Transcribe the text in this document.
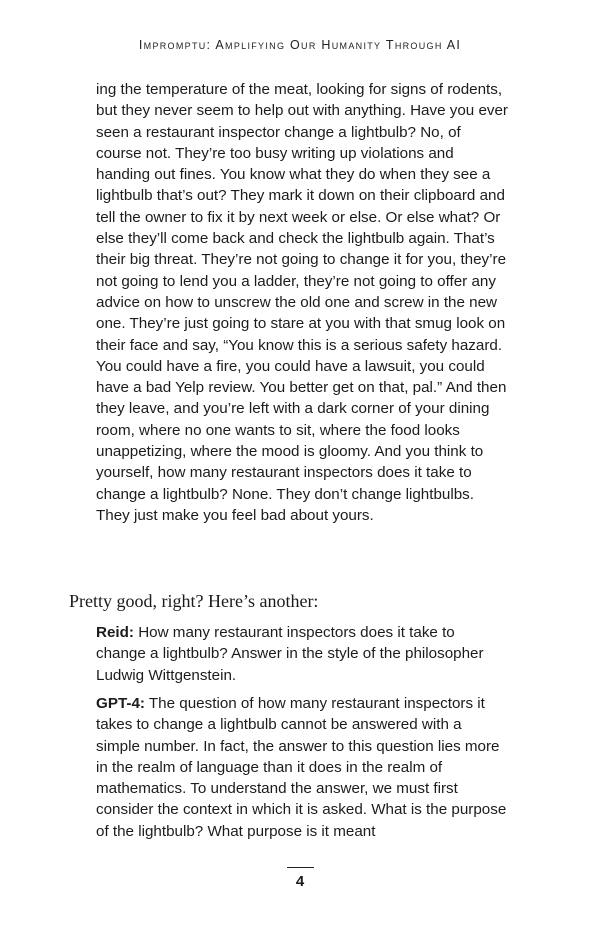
Impromptu: Amplifying Our Humanity Through AI

ing the temperature of the meat, looking for signs of rodents, but they never seem to help out with anything. Have you ever seen a restaurant inspector change a lightbulb? No, of course not. They’re too busy writing up violations and handing out fines. You know what they do when they see a lightbulb that’s out? They mark it down on their clipboard and tell the owner to fix it by next week or else. Or else what? Or else they’ll come back and check the lightbulb again. That’s their big threat. They’re not going to change it for you, they’re not going to lend you a ladder, they’re not going to offer any advice on how to unscrew the old one and screw in the new one. They’re just going to stare at you with that smug look on their face and say, “You know this is a serious safety hazard. You could have a fire, you could have a lawsuit, you could have a bad Yelp review. You better get on that, pal.” And then they leave, and you’re left with a dark corner of your dining room, where no one wants to sit, where the food looks unappetizing, where the mood is gloomy. And you think to yourself, how many restaurant inspectors does it take to change a lightbulb? None. They don’t change lightbulbs. They just make you feel bad about yours.

Pretty good, right? Here’s another:

Reid: How many restaurant inspectors does it take to change a lightbulb? Answer in the style of the philosopher Ludwig Wittgenstein.

GPT-4: The question of how many restaurant inspectors it takes to change a lightbulb cannot be answered with a simple number. In fact, the answer to this question lies more in the realm of language than it does in the realm of mathematics. To understand the answer, we must first consider the context in which it is asked. What is the purpose of the lightbulb? What purpose is it meant

4
